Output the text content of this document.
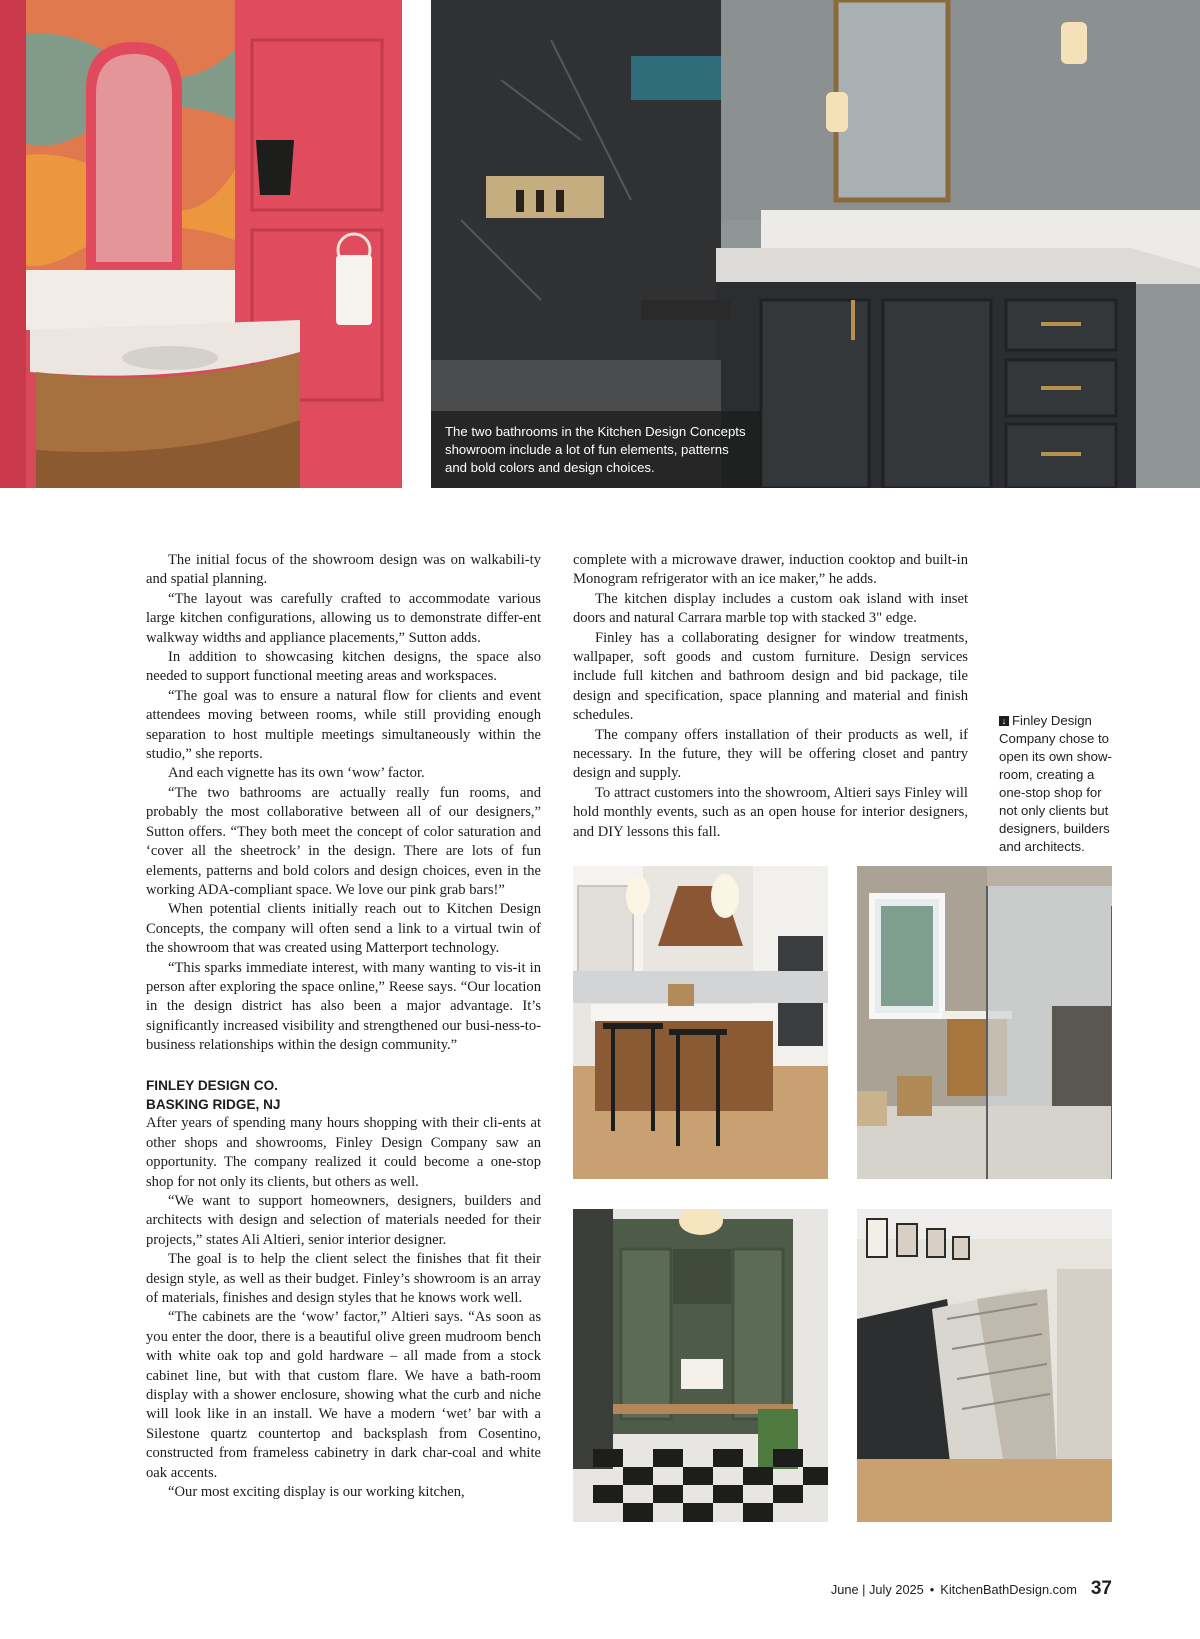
The two bathrooms in the Kitchen Design Concepts showroom include a lot of fun elements, patterns and bold colors and design choices.

The initial focus of the showroom design was on walkabili-ty and spatial planning.

“The layout was carefully crafted to accommodate various large kitchen configurations, allowing us to demonstrate differ-ent walkway widths and appliance placements,” Sutton adds.

In addition to showcasing kitchen designs, the space also needed to support functional meeting areas and workspaces.

“The goal was to ensure a natural flow for clients and event attendees moving between rooms, while still providing enough separation to host multiple meetings simultaneously within the studio,” she reports.

And each vignette has its own ‘wow’ factor.

“The two bathrooms are actually really fun rooms, and probably the most collaborative between all of our designers,” Sutton offers. “They both meet the concept of color saturation and ‘cover all the sheetrock’ in the design. There are lots of fun elements, patterns and bold colors and design choices, even in the working ADA-compliant space. We love our pink grab bars!”

When potential clients initially reach out to Kitchen Design Concepts, the company will often send a link to a virtual twin of the showroom that was created using Matterport technology.

“This sparks immediate interest, with many wanting to vis-it in person after exploring the space online,” Reese says. “Our location in the design district has also been a major advantage. It’s significantly increased visibility and strengthened our busi-ness-to-business relationships within the design community.”

FINLEY DESIGN CO.
BASKING RIDGE, NJ

After years of spending many hours shopping with their cli-ents at other shops and showrooms, Finley Design Company saw an opportunity. The company realized it could become a one-stop shop for not only its clients, but others as well.

“We want to support homeowners, designers, builders and architects with design and selection of materials needed for their projects,” states Ali Altieri, senior interior designer.

The goal is to help the client select the finishes that fit their design style, as well as their budget. Finley’s showroom is an array of materials, finishes and design styles that he knows work well.

“The cabinets are the ‘wow’ factor,” Altieri says. “As soon as you enter the door, there is a beautiful olive green mudroom bench with white oak top and gold hardware – all made from a stock cabinet line, but with that custom flare. We have a bath-room display with a shower enclosure, showing what the curb and niche will look like in an install. We have a modern ‘wet’ bar with a Silestone quartz countertop and backsplash from Cosentino, constructed from frameless cabinetry in dark char-coal and white oak accents.

“Our most exciting display is our working kitchen,

complete with a microwave drawer, induction cooktop and built-in Monogram refrigerator with an ice maker,” he adds.

The kitchen display includes a custom oak island with inset doors and natural Carrara marble top with stacked 3" edge.

Finley has a collaborating designer for window treatments, wallpaper, soft goods and custom furniture. Design services include full kitchen and bathroom design and bid package, tile design and specification, space planning and material and finish schedules.

The company offers installation of their products as well, if necessary. In the future, they will be offering closet and pantry design and supply.

To attract customers into the showroom, Altieri says Finley will hold monthly events, such as an open house for interior designers, and DIY lessons this fall.

↓ Finley Design Company chose to open its own show-room, creating a one-stop shop for not only clients but designers, builders and architects.
June | July 2025 • KitchenBathDesign.com 37
